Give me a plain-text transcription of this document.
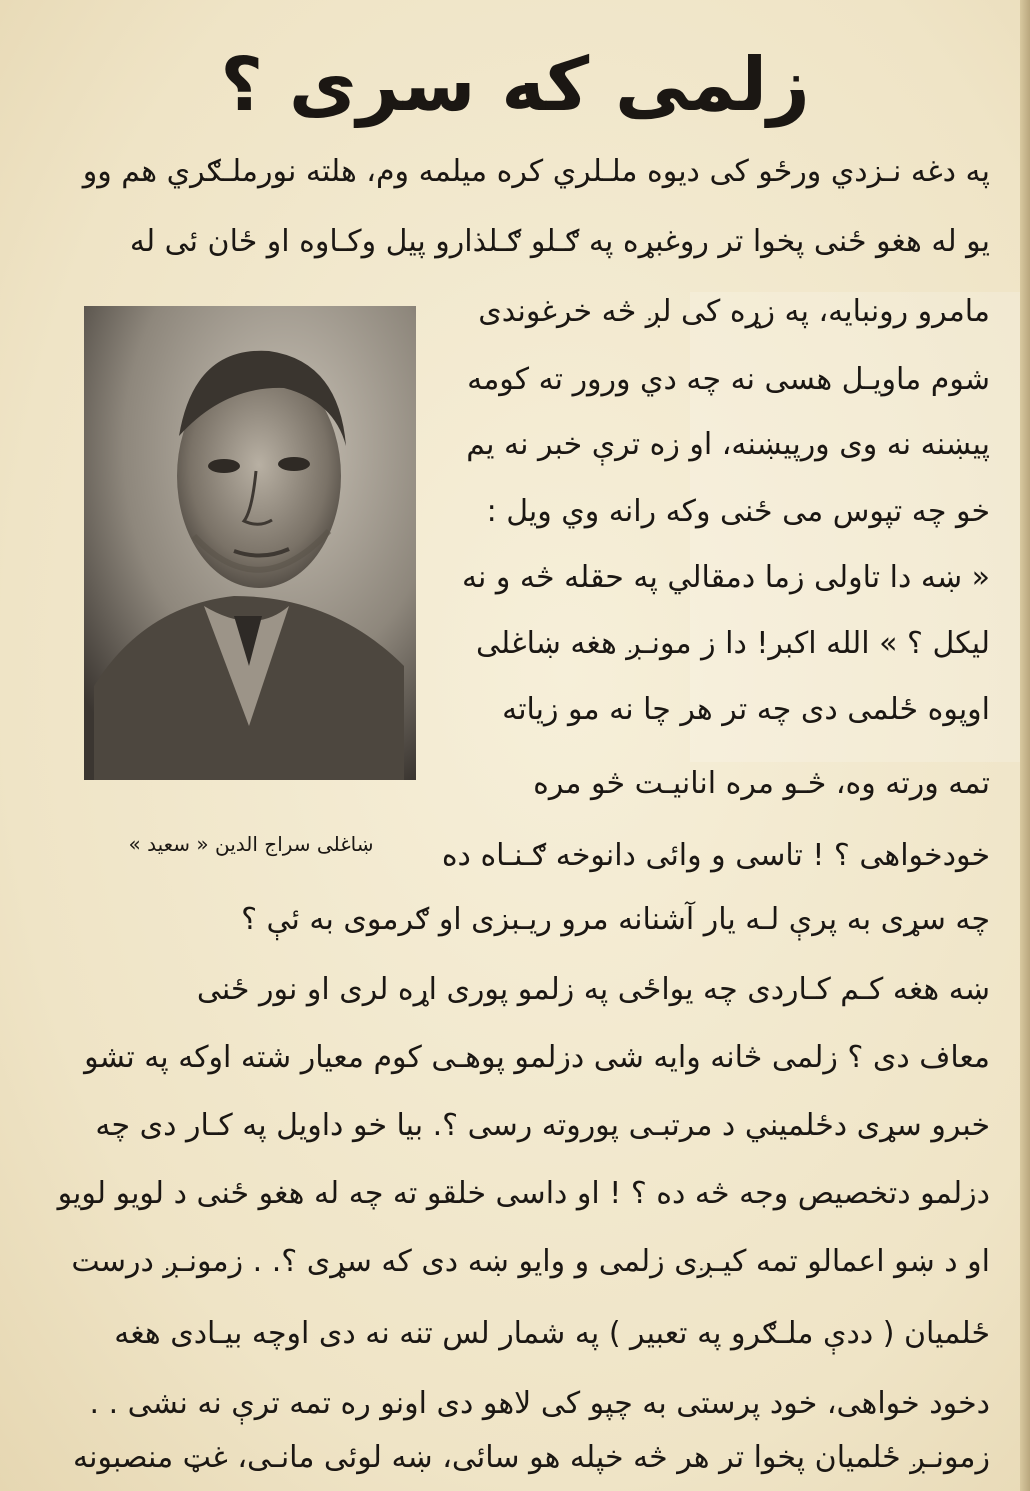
زلمی که سری ؟
په دغه نـزدي ورځو کی دیوه ملـلري کره میلمه وم، هلته نورملـګري هم وو
یو له هغو ځنی پخوا تر روغبړه په ګـلو ګـلذارو پیل وکـاوه او ځان ئی له
مامرو رونبایه، په زړه کی لږ څه خرغوندی
شوم ماویـل هسی نه چه دي ورور ته کومه
پیښنه نه وی ورپیښنه، او زه ترې خبر نه یم
خو چه تپوس می ځنی وکه رانه وي ویل :
« ښه دا تاولی زما دمقالي په حقله څه و نه
لیکل ؟ » الله اکبر! دا ز مونـږ هغه ښاغلی
اوپوه ځلمی دی چه تر هر چا نه مو زیاته
تمه ورته وه، څـو مره انانیـت څو مره
خودخواهی ؟ ! تاسی و وائی دانوخه ګـنـاه ده
چه سړی به پرې لـه یار آشنانه مرو ریـبزی او ګرموی به ئې ؟
ښه هغه کـم کـاردی چه یواځی په زلمو پوری اړه لری او نور ځنی
معاف دی ؟ زلمی څانه وایه شی دزلمو پوهـی کوم معیار شته اوکه په تشو
خبرو سړی دځلمیني د مرتبـی پوروته رسی ؟. بیا خو داویل په کـار دی چه
دزلمو دتخصیص وجه څه ده ؟ ! او داسی خلقو ته چه له هغو ځنی د لویو لویو
او د ښو اعمالو تمه کیـږی زلمی و وایو ښه دی که سړی ؟. . زمونـږ درست
ځلمیان ( ددې ملـګرو په تعبیر ) په شمار لس تنه نه دی اوچه بیـادی هغه
دخود خواهی، خود پرستی به چپو کی لاهو دی اونو ره تمه ترې نه نشی . .
زمونـږ ځلمیان پخوا تر هر څه خپله هو سائی، ښه لوئی مانـی، غټ منصبونه
ښاغلی سراج الدین « سعید »
